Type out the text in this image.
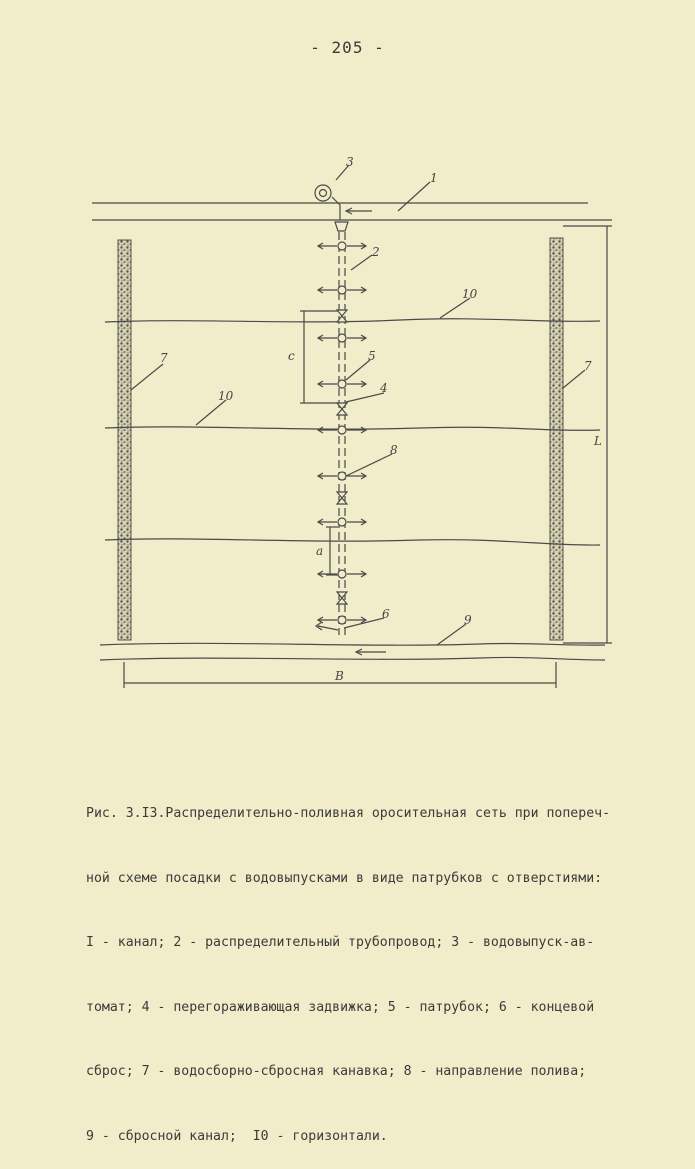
- 205 -
1
2
3
4
5
6
7
7
8
9
10
10
c
a
B
L

Рис. 3.I3.Распределительно-поливная оросительная сеть при попереч-

ной схеме посадки с водовыпусками в виде патрубков с отверстиями:

I - канал; 2 - распределительный трубопровод; 3 - водовыпуск-ав-

томат; 4 - перегораживающая задвижка; 5 - патрубок; 6 - концевой

сброс; 7 - водосборно-сбросная канавка; 8 - направление полива;

9 - сбросной канал;  I0 - горизонтали.
